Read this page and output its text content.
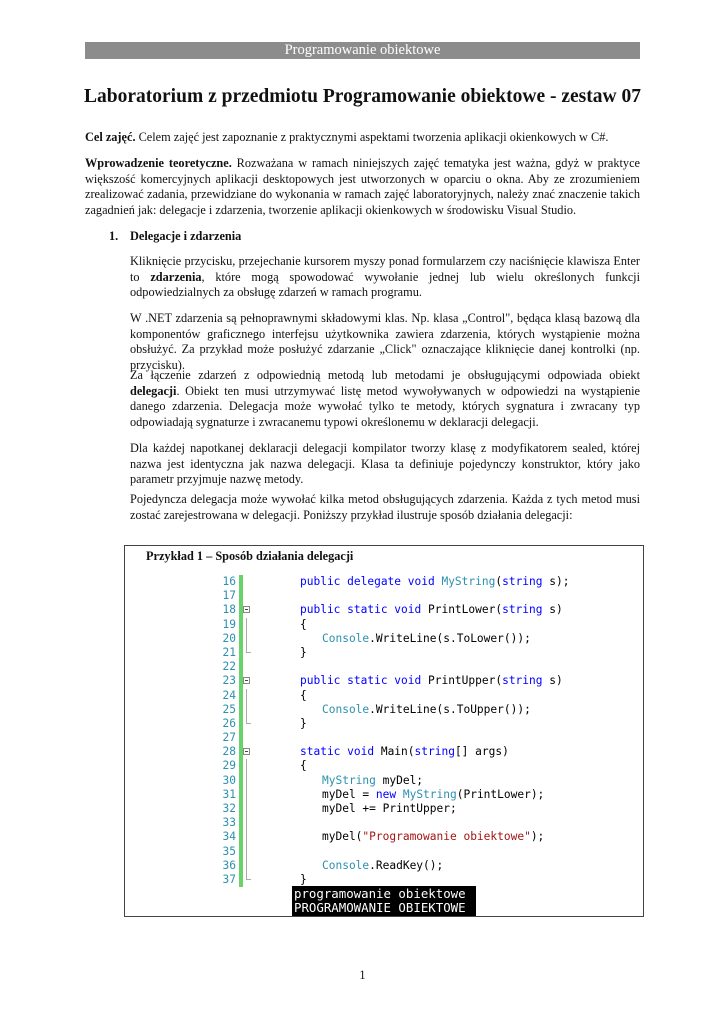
Programowanie obiektowe
Laboratorium z przedmiotu Programowanie obiektowe - zestaw 07

Cel zajęć. Celem zajęć jest zapoznanie z praktycznymi aspektami tworzenia aplikacji okienkowych w C#.

Wprowadzenie teoretyczne. Rozważana w ramach niniejszych zajęć tematyka jest ważna, gdyż w praktyce większość komercyjnych aplikacji desktopowych jest utworzonych w oparciu o okna. Aby ze zrozumieniem zrealizować zadania, przewidziane do wykonania w ramach zajęć laboratoryjnych, należy znać znaczenie takich zagadnień jak: delegacje i zdarzenia, tworzenie aplikacji okienkowych w środowisku Visual Studio.

1. Delegacje i zdarzenia

Kliknięcie przycisku, przejechanie kursorem myszy ponad formularzem czy naciśnięcie klawisza Enter to zdarzenia, które mogą spowodować wywołanie jednej lub wielu określonych funkcji odpowiedzialnych za obsługę zdarzeń w ramach programu.

W .NET zdarzenia są pełnoprawnymi składowymi klas. Np. klasa „Control", będąca klasą bazową dla komponentów graficznego interfejsu użytkownika zawiera zdarzenia, których wystąpienie można obsłużyć. Za przykład może posłużyć zdarzanie „Click" oznaczające kliknięcie danej kontrolki (np. przycisku).

Za łączenie zdarzeń z odpowiednią metodą lub metodami je obsługującymi odpowiada obiekt delegacji. Obiekt ten musi utrzymywać listę metod wywoływanych w odpowiedzi na wystąpienie danego zdarzenia. Delegacja może wywołać tylko te metody, których sygnatura i zwracany typ odpowiadają sygnaturze i zwracanemu typowi określonemu w deklaracji delegacji.

Dla każdej napotkanej deklaracji delegacji kompilator tworzy klasę z modyfikatorem sealed, której nazwa jest identyczna jak nazwa delegacji. Klasa ta definiuje pojedynczy konstruktor, który jako parametr przyjmuje nazwę metody.

Pojedyncza delegacja może wywołać kilka metod obsługujących zdarzenia. Każda z tych metod musi zostać zarejestrowana w delegacji. Poniższy przykład ilustruje sposób działania delegacji:

Przykład 1 – Sposób działania delegacji
16	public delegate void MyString(string s);
17
18	public static void PrintLower(string s)
19	{
20	Console.WriteLine(s.ToLower());
21	}
22
23	public static void PrintUpper(string s)
24	{
25	Console.WriteLine(s.ToUpper());
26	}
27
28	static void Main(string[] args)
29	{
30	MyString myDel;
31	myDel = new MyString(PrintLower);
32	myDel += PrintUpper;
33
34	myDel("Programowanie obiektowe");
35
36	Console.ReadKey();
37	}
programowanie obiektowe
PROGRAMOWANIE OBIEKTOWE

1
